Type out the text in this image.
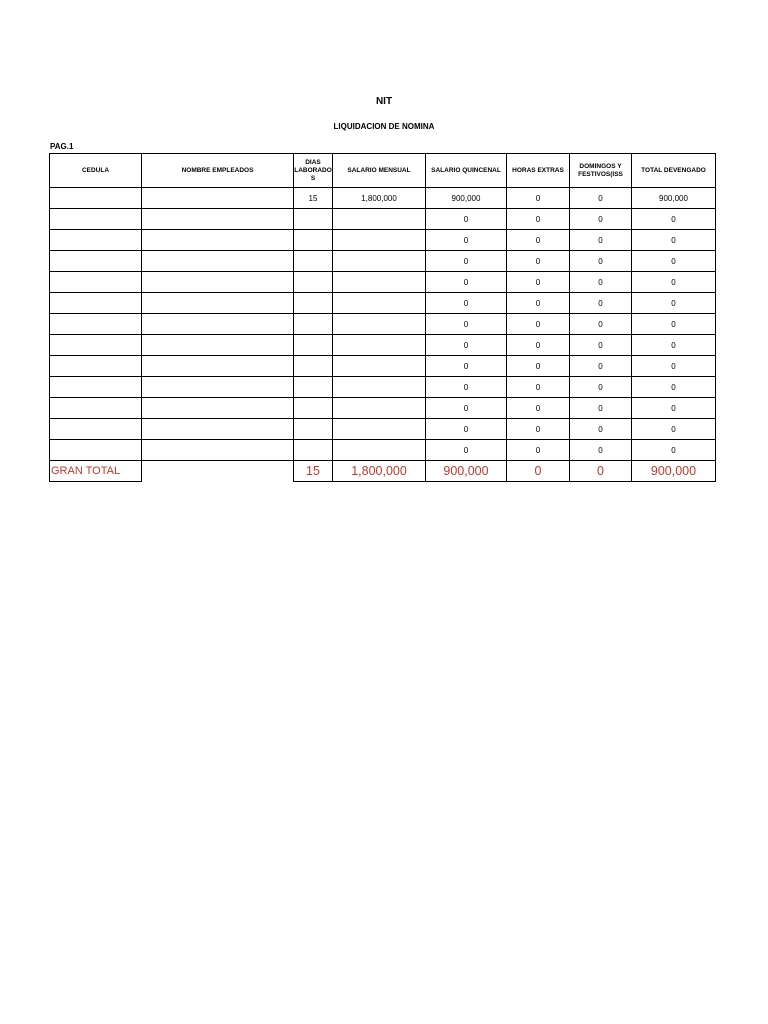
NIT
LIQUIDACION DE NOMINA
PAG.1
CEDULA	NOMBRE EMPLEADOS	DIAS LABORADO S	SALARIO MENSUAL	SALARIO QUINCENAL	HORAS EXTRAS	DOMINGOS Y FESTIVOS(ISS	TOTAL DEVENGADO
		15	1,800,000	900,000	0	0	900,000
				0	0	0	0
				0	0	0	0
				0	0	0	0
				0	0	0	0
				0	0	0	0
				0	0	0	0
				0	0	0	0
				0	0	0	0
				0	0	0	0
				0	0	0	0
				0	0	0	0
				0	0	0	0
GRAN TOTAL		15	1,800,000	900,000	0	0	900,000
